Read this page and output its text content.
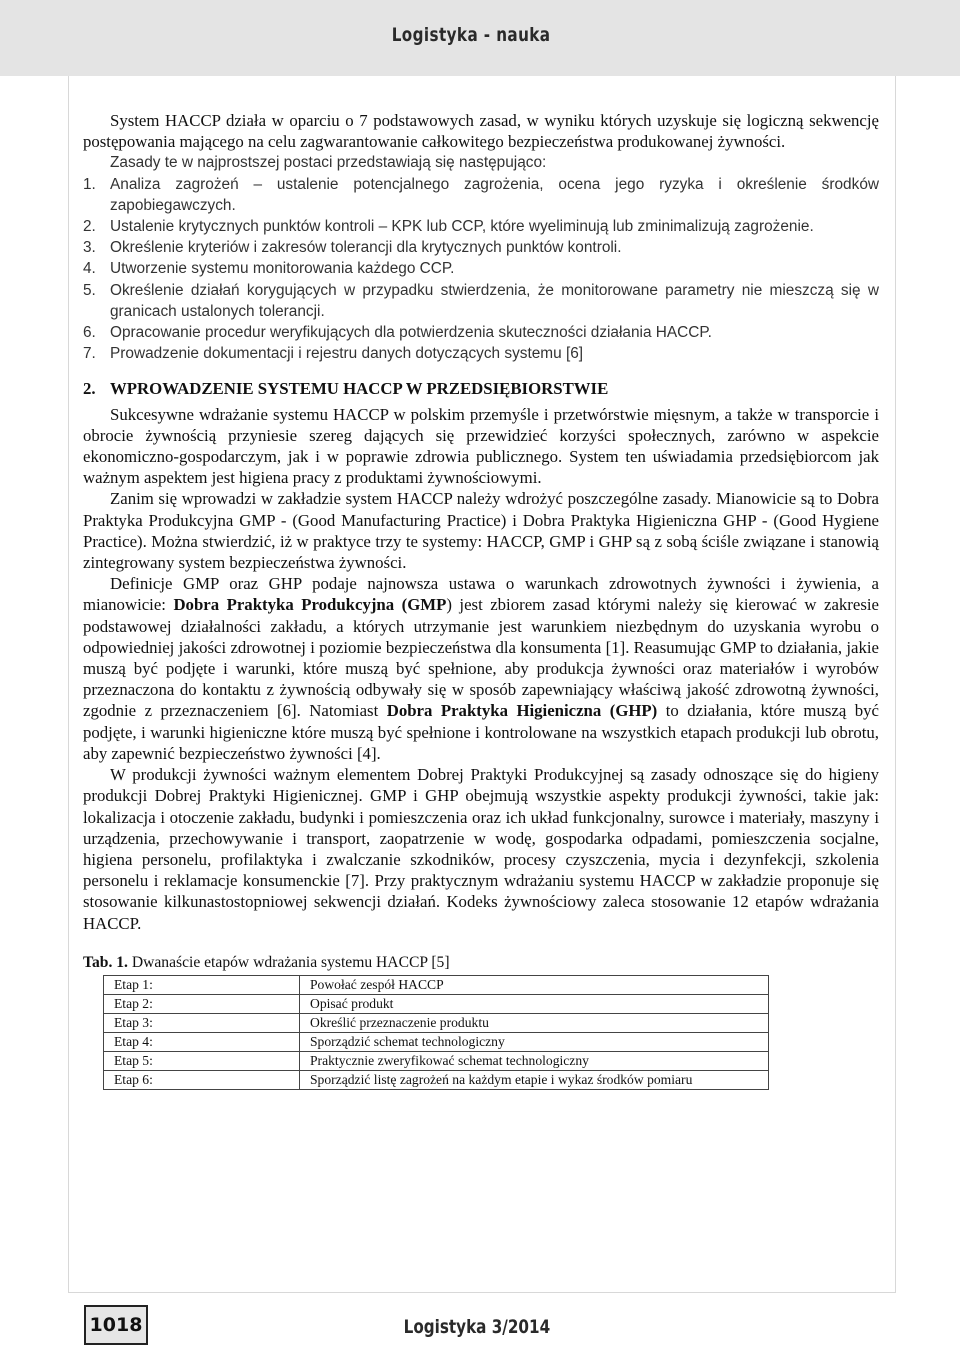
Logistyka - nauka

System HACCP działa w oparciu o 7 podstawowych zasad, w wyniku których uzyskuje się logiczną sekwencję postępowania mającego na celu zagwarantowanie całkowitego bezpieczeństwa produkowanej żywności.

Zasady te w najprostszej postaci przedstawiają się następująco:

1. Analiza zagrożeń – ustalenie potencjalnego zagrożenia, ocena jego ryzyka i określenie środków zapobiegawczych.

2. Ustalenie krytycznych punktów kontroli – KPK lub CCP, które wyeliminują lub zminimalizują zagrożenie.

3. Określenie kryteriów i zakresów tolerancji dla krytycznych punktów kontroli.

4. Utworzenie systemu monitorowania każdego CCP.

5. Określenie działań korygujących w przypadku stwierdzenia, że monitorowane parametry nie mieszczą się w granicach ustalonych tolerancji.

6. Opracowanie procedur weryfikujących dla potwierdzenia skuteczności działania HACCP.

7. Prowadzenie dokumentacji i rejestru danych dotyczących systemu [6]

2. WPROWADZENIE SYSTEMU HACCP W PRZEDSIĘBIORSTWIE

Sukcesywne wdrażanie systemu HACCP w polskim przemyśle i przetwórstwie mięsnym, a także w transporcie i obrocie żywnością przyniesie szereg dających się przewidzieć korzyści społecznych, zarówno w aspekcie ekonomiczno-gospodarczym, jak i w poprawie zdrowia publicznego. System ten uświadamia przedsiębiorcom jak ważnym aspektem jest higiena pracy z produktami żywnościowymi.

Zanim się wprowadzi w zakładzie system HACCP należy wdrożyć poszczególne zasady. Mianowicie są to Dobra Praktyka Produkcyjna GMP - (Good Manufacturing Practice) i Dobra Praktyka Higieniczna GHP - (Good Hygiene Practice). Można stwierdzić, iż w praktyce trzy te systemy: HACCP, GMP i GHP są z sobą ściśle związane i stanowią zintegrowany system bezpieczeństwa żywności.

Definicje GMP oraz GHP podaje najnowsza ustawa o warunkach zdrowotnych żywności i żywienia, a mianowicie: Dobra Praktyka Produkcyjna (GMP) jest zbiorem zasad którymi należy się kierować w zakresie podstawowej działalności zakładu, a których utrzymanie jest warunkiem niezbędnym do uzyskania wyrobu o odpowiedniej jakości zdrowotnej i poziomie bezpieczeństwa dla konsumenta [1]. Reasumując GMP to działania, jakie muszą być podjęte i warunki, które muszą być spełnione, aby produkcja żywności oraz materiałów i wyrobów przeznaczona do kontaktu z żywnością odbywały się w sposób zapewniający właściwą jakość zdrowotną żywności, zgodnie z przeznaczeniem [6]. Natomiast Dobra Praktyka Higieniczna (GHP) to działania, które muszą być podjęte, i warunki higieniczne które muszą być spełnione i kontrolowane na wszystkich etapach produkcji lub obrotu, aby zapewnić bezpieczeństwo żywności [4].

W produkcji żywności ważnym elementem Dobrej Praktyki Produkcyjnej są zasady odnoszące się do higieny produkcji Dobrej Praktyki Higienicznej. GMP i GHP obejmują wszystkie aspekty produkcji żywności, takie jak: lokalizacja i otoczenie zakładu, budynki i pomieszczenia oraz ich układ funkcjonalny, surowce i materiały, maszyny i urządzenia, przechowywanie i transport, zaopatrzenie w wodę, gospodarka odpadami, pomieszczenia socjalne, higiena personelu, profilaktyka i zwalczanie szkodników, procesy czyszczenia, mycia i dezynfekcji, szkolenia personelu i reklamacje konsumenckie [7]. Przy praktycznym wdrażaniu systemu HACCP w zakładzie proponuje się stosowanie kilkunastostopniowej sekwencji działań. Kodeks żywnościowy zaleca stosowanie 12 etapów wdrażania HACCP.

Tab. 1. Dwanaście etapów wdrażania systemu HACCP [5]

Etap 1:	Powołać zespół HACCP
Etap 2:	Opisać produkt
Etap 3:	Określić przeznaczenie produktu
Etap 4:	Sporządzić schemat technologiczny
Etap 5:	Praktycznie zweryfikować schemat technologiczny
Etap 6:	Sporządzić listę zagrożeń na każdym etapie i wykaz środków pomiaru
1018	Logistyka 3/2014
